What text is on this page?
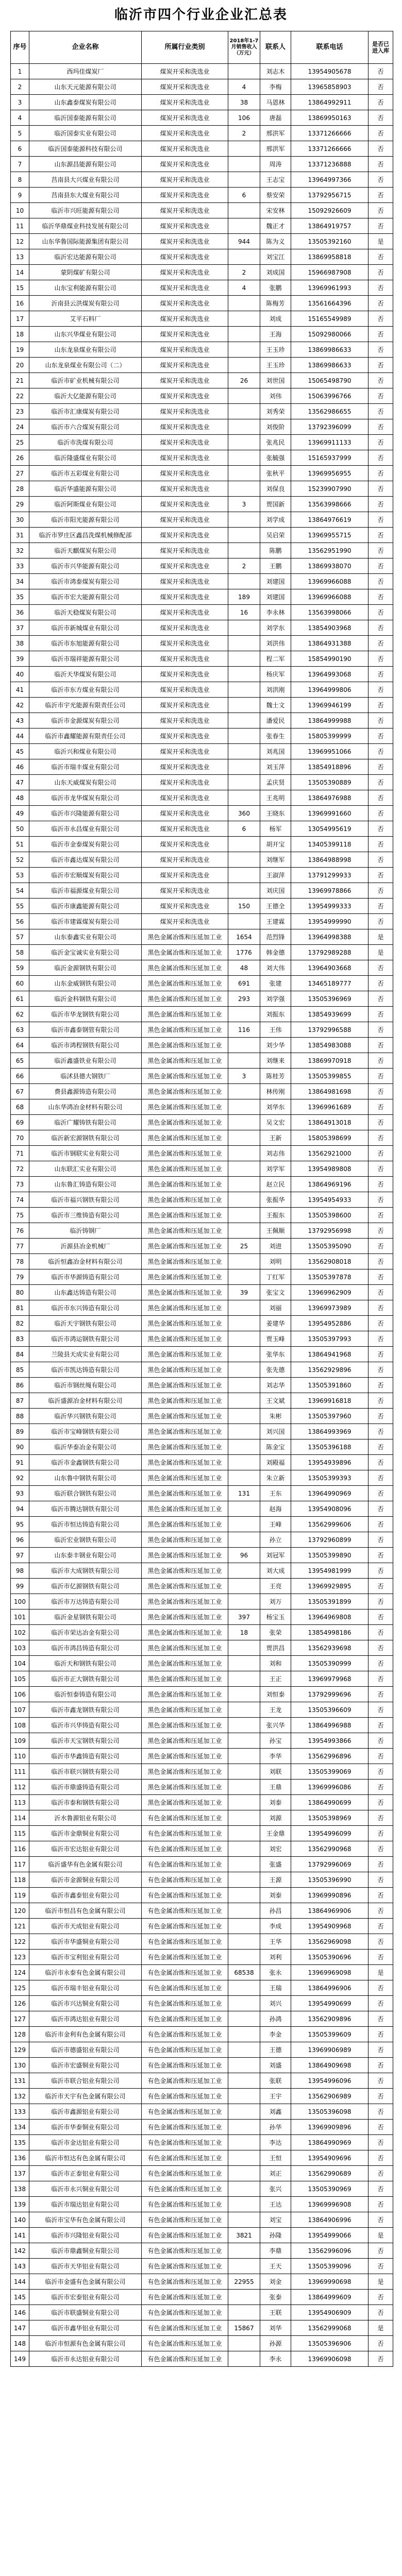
临沂市四个行业企业汇总表
序号	企业名称	所属行业类别	2018年1-7月销售收入（万元）	联系人	联系电话	是否已进入库
1	西玛佳煤炭厂	煤炭开采和洗选业		刘志木	13954905678	否
2	山东天元能源有限公司	煤炭开采和洗选业	4	李梅	13965858903	否
3	山东鑫泰煤炭有限公司	煤炭开采和洗选业	38	马恩林	13864992911	否
4	临沂国泰能源有限公司	煤炭开采和洗选业	106	唐磊	13869950163	否
5	临沂国泰实业有限公司	煤炭开采和洗选业	2	邢洪军	13371266666	否
6	临沂国泰能源科技有限公司	煤炭开采和洗选业		邢洪军	13371266666	否
7	山东源昌能源有限公司	煤炭开采和洗选业		周涛	13371236888	否
8	莒南县大兴煤业有限公司	煤炭开采和洗选业		王志宝	13964997366	否
9	莒南县东大煤业有限公司	煤炭开采和洗选业	6	蔡安荣	13792956715	否
10	临沂市兴旺能源有限公司	煤炭开采和洗选业		宋安林	15092926609	否
11	临沂华鼎煤业科技发展有限公司	煤炭开采和洗选业		魏正才	13864919757	否
12	山东华鲁国际能源集团有限公司	煤炭开采和洗选业	944	陈为义	13505392160	是
13	临沂宏达能源有限公司	煤炭开采和洗选业		刘宝江	13869958818	否
14	蒙阴煤矿有限公司	煤炭开采和洗选业	2	刘成国	15966987908	否
15	山东宝利能源有限公司	煤炭开采和洗选业	4	张鹏	13969961993	否
16	沂南县云洪煤炭有限公司	煤炭开采和洗选业		陈梅芳	13561664396	否
17	艾平石料厂	煤炭开采和洗选业		刘成	15165549989	否
18	山东兴华煤业有限公司	煤炭开采和洗选业		王海	15092980066	否
19	山东龙泉煤业有限公司	煤炭开采和洗选业		王玉珍	13869986633	否
20	山东龙泉煤业有限公司（二）	煤炭开采和洗选业		王玉珍	13869986633	否
21	临沂市矿业机械有限公司	煤炭开采和洗选业	26	刘世国	15065498790	否
22	临沂大亿能源有限公司	煤炭开采和洗选业		刘伟	15063996766	否
23	临沂市汇康煤炭有限公司	煤炭开采和洗选业		刘秀荣	13562986655	否
24	临沂市六合煤炭有限公司	煤炭开采和洗选业		刘俊阶	13792396099	否
25	临沂市洗煤有限公司	煤炭开采和洗选业		张兆民	13969911133	否
26	临沂隆盛煤业有限公司	煤炭开采和洗选业		张毓强	15165937999	否
27	临沂市五彩煤业有限公司	煤炭开采和洗选业		张秋平	13969956955	否
28	临沂华盛能源有限公司	煤炭开采和洗选业		刘保良	15239907990	否
29	临沂阿斯煤业有限公司	煤炭开采和洗选业	3	贾国新	13563998666	否
30	临沂市阳光能源有限公司	煤炭开采和洗选业		刘学成	13864976619	否
31	临沂市罗庄区鑫昌洗煤机械修配部	煤炭开采和洗选业		吴启荣	13969955715	否
32	临沂天麒煤炭有限公司	煤炭开采和洗选业		陈鹏	13562951990	否
33	临沂市兴华能源有限公司	煤炭开采和洗选业	2	王鹏	13869938070	否
34	临沂市鸿泰煤炭有限公司	煤炭开采和洗选业		刘建国	13969966088	否
35	临沂市宏大能源有限公司	煤炭开采和洗选业	189	刘建国	13969966088	否
36	临沂天稳煤炭有限公司	煤炭开采和洗选业	16	李永林	13563998066	否
37	临沂市新城煤业有限公司	煤炭开采和洗选业		刘学东	13854903968	否
38	临沂市东旭能源有限公司	煤炭开采和洗选业		刘洪伟	13864931388	否
39	临沂市瑞祥能源有限公司	煤炭开采和洗选业		程二军	15854990190	否
40	临沂天华煤炭有限公司	煤炭开采和洗选业		杨庆军	13964993068	否
41	临沂市东方煤业有限公司	煤炭开采和洗选业		刘洪刚	13964999806	否
42	临沂市宇光能源有限责任公司	煤炭开采和洗选业		魏士文	13969946199	否
43	临沂市金源煤炭有限公司	煤炭开采和洗选业		潘爱民	13864999988	否
44	临沂市鑫耀能源有限责任公司	煤炭开采和洗选业		张春生	15805399999	否
45	临沂兴和煤业有限公司	煤炭开采和洗选业		刘兆国	13969951066	否
46	临沂市瑞丰煤业有限公司	煤炭开采和洗选业		刘玉萍	13854918896	否
47	山东天威煤炭有限公司	煤炭开采和洗选业		孟庆贤	13505390889	否
48	临沂市龙华煤炭有限公司	煤炭开采和洗选业		王兆明	13864976988	否
49	临沂市兴隆能源有限公司	煤炭开采和洗选业	360	王晓东	13969991660	否
50	临沂市永昌煤业有限公司	煤炭开采和洗选业	6	杨军	13054995619	否
51	临沂市金泰煤炭有限公司	煤炭开采和洗选业		胡开宝	13405399118	否
52	临沂市鑫达煤炭有限公司	煤炭开采和洗选业		刘继军	13864988998	否
53	临沂市宏顺煤炭有限公司	煤炭开采和洗选业		王淑萍	13791299933	否
54	临沂市福源煤业有限公司	煤炭开采和洗选业		刘庆国	13969978866	否
55	临沂市康鑫能源有限公司	煤炭开采和洗选业	150	王德全	13954999333	否
56	临沂市建霖煤炭有限公司	煤炭开采和洗选业		王建霖	13954999990	否
57	山东泰鑫实业有限公司	黑色金属冶炼和压延加工业	1654	范烈锋	13964998388	是
58	临沂金宝诚实业有限公司	黑色金属冶炼和压延加工业	1776	韩金德	13792989288	是
59	临沂金源钢铁有限公司	黑色金属冶炼和压延加工业	48	刘大伟	13964903668	否
60	山东金威钢铁有限公司	黑色金属冶炼和压延加工业	691	张建	13465189777	否
61	临沂金科钢铁有限公司	黑色金属冶炼和压延加工业	293	刘学强	13505396969	否
62	临沂市华龙钢铁有限公司	黑色金属冶炼和压延加工业		刘振东	13854939699	否
63	临沂市鑫泰钢管有限公司	黑色金属冶炼和压延加工业	116	王伟	13792996588	否
64	临沂市鸿程钢铁有限公司	黑色金属冶炼和压延加工业		刘少华	13854983088	否
65	临沂鑫盛铁业有限公司	黑色金属冶炼和压延加工业		刘继来	13869970918	否
66	临沭县德大钢铁厂	黑色金属冶炼和压延加工业	3	陈桂芳	13505399855	否
67	费县鑫源铸造有限公司	黑色金属冶炼和压延加工业		林传刚	13864981698	否
68	山东华鸿冶金材料有限公司	黑色金属冶炼和压延加工业		刘华东	13969961689	否
69	临沂广耀铸铁有限公司	黑色金属冶炼和压延加工业		吴文宏	13864913018	否
70	临沂新宏源钢铁有限公司	黑色金属冶炼和压延加工业		王新	15805398699	否
71	临沂市钢联实业有限公司	黑色金属冶炼和压延加工业		刘志伟	13562921000	否
72	山东联汇实业有限公司	黑色金属冶炼和压延加工业		刘学军	13954989808	否
73	山东鲁汇铸造有限公司	黑色金属冶炼和压延加工业		赵立民	13864969196	否
74	临沂市福兴钢铁有限公司	黑色金属冶炼和压延加工业		张振华	13954954933	否
75	临沂市三维铸造有限公司	黑色金属冶炼和压延加工业		王振东	13505398600	否
76	临沂铸钢厂	黑色金属冶炼和压延加工业		王佩顺	13792956998	否
77	沂源县冶金机械厂	黑色金属冶炼和压延加工业	25	刘进	13505395090	否
78	临沂恒鑫冶金材料有限公司	黑色金属冶炼和压延加工业		刘明	13562908018	否
79	临沂市华源铸造有限公司	黑色金属冶炼和压延加工业		丁红军	13505397878	否
80	山东鑫达铸造有限公司	黑色金属冶炼和压延加工业	39	张宝文	13969962909	否
81	临沂市东兴铸造有限公司	黑色金属冶炼和压延加工业		刘丽	13969973989	否
82	临沂天宇钢铁有限公司	黑色金属冶炼和压延加工业		姜建华	13954952886	否
83	临沂市鸿运钢铁有限公司	黑色金属冶炼和压延加工业		贾玉峰	13505397993	否
84	兰陵县天成实业有限公司	黑色金属冶炼和压延加工业		张华东	13864941968	否
85	临沂市凯达铸造有限公司	黑色金属冶炼和压延加工业		张先德	13562929896	否
86	临沂市钢丝绳有限公司	黑色金属冶炼和压延加工业		刘志华	13505391860	否
87	临沂盛源冶金材料有限公司	黑色金属冶炼和压延加工业		王文斌	13969916818	否
88	临沂华兴钢铁有限公司	黑色金属冶炼和压延加工业		朱彬	13505397960	否
89	临沂市宝峰钢铁有限公司	黑色金属冶炼和压延加工业		刘兴国	13864993969	否
90	临沂华泰冶金有限公司	黑色金属冶炼和压延加工业		陈金宝	13505396188	否
91	临沂市金鑫钢铁有限公司	黑色金属冶炼和压延加工业		刘殿福	13954939896	否
92	山东鲁中钢铁有限公司	黑色金属冶炼和压延加工业		朱立新	13505399393	否
93	临沂联合钢铁有限公司	黑色金属冶炼和压延加工业	131	王东	13964990969	否
94	临沂市腾达钢铁有限公司	黑色金属冶炼和压延加工业		赵海	13954908096	否
95	临沂市恒达铸造有限公司	黑色金属冶炼和压延加工业		王峰	13562999606	否
96	临沂宏业钢铁有限公司	黑色金属冶炼和压延加工业		孙立	13792960899	否
97	山东泰丰钢业有限公司	黑色金属冶炼和压延加工业	96	刘冠军	13505399890	否
98	临沂市大成钢铁有限公司	黑色金属冶炼和压延加工业		刘大成	13954981999	否
99	临沂市亿源钢铁有限公司	黑色金属冶炼和压延加工业		王亮	13969929895	否
100	临沂市万达铸造有限公司	黑色金属冶炼和压延加工业		刘万	13505391899	否
101	临沂金星钢铁有限公司	黑色金属冶炼和压延加工业	397	杨宝玉	13964969808	否
102	临沂市荣达冶金有限公司	黑色金属冶炼和压延加工业	18	张荣	13854998186	否
103	临沂市鸿昌铸造有限公司	黑色金属冶炼和压延加工业		贾洪昌	13562939698	否
104	临沂天和钢铁有限公司	黑色金属冶炼和压延加工业		刘和	13505390999	否
105	临沂市正大钢铁有限公司	黑色金属冶炼和压延加工业		王正	13969979968	否
106	临沂恒泰铸造有限公司	黑色金属冶炼和压延加工业		刘恒泰	13792999696	否
107	临沂市鑫龙钢铁有限公司	黑色金属冶炼和压延加工业		王龙	13505396609	否
108	临沂市兴华铸造有限公司	黑色金属冶炼和压延加工业		张兴华	13864996988	否
109	临沂市天宝钢铁有限公司	黑色金属冶炼和压延加工业		孙宝	13954993866	否
110	临沂市华鑫铸造有限公司	黑色金属冶炼和压延加工业		李华	13562996896	否
111	临沂市联兴钢铁有限公司	黑色金属冶炼和压延加工业		刘联	13505399069	否
112	临沂市鼎盛铸造有限公司	黑色金属冶炼和压延加工业		王鼎	13969996086	否
113	临沂市泰和钢铁有限公司	黑色金属冶炼和压延加工业		刘泰	13864990699	否
114	沂水鲁源铝业有限公司	有色金属冶炼和压延加工业		刘源	13505398969	否
115	临沂市金鼎铜业有限公司	有色金属冶炼和压延加工业		王金鼎	13954996099	否
116	临沂市宏达铝业有限公司	有色金属冶炼和压延加工业		刘宏	13562990968	否
117	临沂盛华有色金属有限公司	有色金属冶炼和压延加工业		张盛	13792996069	否
118	临沂市金源铜业有限公司	有色金属冶炼和压延加工业		王源	13505396990	否
119	临沂市鑫泰铝业有限公司	有色金属冶炼和压延加工业		刘泰	13969990896	否
120	临沂市恒昌有色金属有限公司	有色金属冶炼和压延加工业		孙昌	13864969906	否
121	临沂市天成铝业有限公司	有色金属冶炼和压延加工业		李成	13954909968	否
122	临沂市华盛铜业有限公司	有色金属冶炼和压延加工业		王华	13562969098	否
123	临沂市宝利铝业有限公司	有色金属冶炼和压延加工业		刘利	13505390696	否
124	临沂市永泰有色金属有限公司	有色金属冶炼和压延加工业	68538	张永	13969969098	是
125	临沂市瑞丰铝业有限公司	有色金属冶炼和压延加工业		王瑞	13864996906	否
126	临沂市兴达铜业有限公司	有色金属冶炼和压延加工业		刘兴	13954990699	否
127	临沂市鸿达铝业有限公司	有色金属冶炼和压延加工业		孙鸿	13562909896	否
128	临沂市金利有色金属有限公司	有色金属冶炼和压延加工业		李金	13505399609	否
129	临沂市德盛铝业有限公司	有色金属冶炼和压延加工业		王德	13969906989	否
130	临沂市宏盛铜业有限公司	有色金属冶炼和压延加工业		刘盛	13864909698	否
131	临沂市联合铝业有限公司	有色金属冶炼和压延加工业		张联	13954996096	否
132	临沂市天宇有色金属有限公司	有色金属冶炼和压延加工业		王宇	13562906989	否
133	临沂市鑫源铝业有限公司	有色金属冶炼和压延加工业		刘鑫	13505396098	否
134	临沂市华泰铜业有限公司	有色金属冶炼和压延加工业		孙华	13969909896	否
135	临沂市金达铝业有限公司	有色金属冶炼和压延加工业		李达	13864990969	否
136	临沂市恒达有色金属有限公司	有色金属冶炼和压延加工业		王恒	13954909696	否
137	临沂市正泰铝业有限公司	有色金属冶炼和压延加工业		刘正	13562990689	否
138	临沂市永兴铜业有限公司	有色金属冶炼和压延加工业		张兴	13505390969	否
139	临沂市瑞达铝业有限公司	有色金属冶炼和压延加工业		王达	13969996908	否
140	临沂市宝华有色金属有限公司	有色金属冶炼和压延加工业		刘宝	13864906996	否
141	临沂市兴隆铝业有限公司	有色金属冶炼和压延加工业	3821	孙隆	13954999066	是
142	临沂市鼎鑫铜业有限公司	有色金属冶炼和压延加工业		李鼎	13562996096	否
143	临沂市天华铝业有限公司	有色金属冶炼和压延加工业		王天	13505399096	否
144	临沂市金盛有色金属有限公司	有色金属冶炼和压延加工业	22955	刘金	13969990698	是
145	临沂市宏泰铝业有限公司	有色金属冶炼和压延加工业		张泰	13864999609	否
146	临沂市联盛铜业有限公司	有色金属冶炼和压延加工业		王联	13954906909	否
147	临沂市鑫华铝业有限公司	有色金属冶炼和压延加工业	15867	刘华	13562999068	是
148	临沂市恒源有色金属有限公司	有色金属冶炼和压延加工业		孙源	13505396906	否
149	临沂市永达铝业有限公司	有色金属冶炼和压延加工业		李永	13969906098	否
